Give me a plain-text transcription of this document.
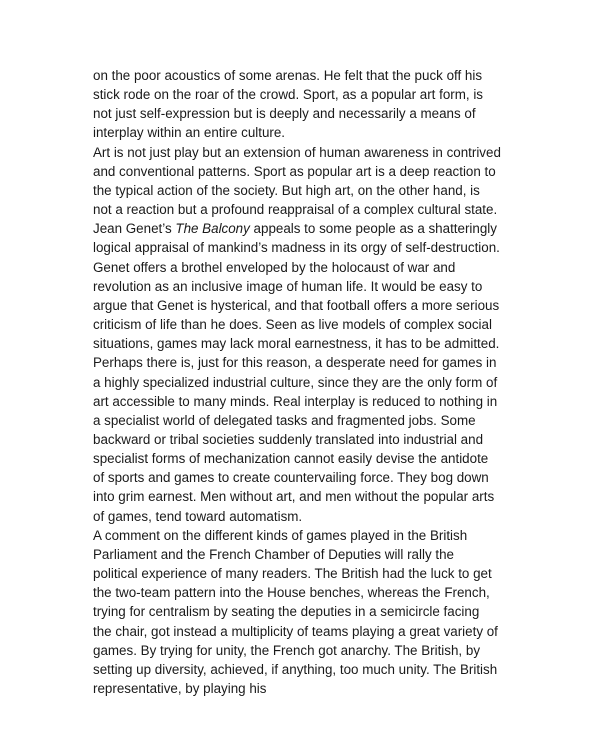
on the poor acoustics of some arenas. He felt that the puck off his
stick rode on the roar of the crowd. Sport, as a popular art form, is
not just self-expression but is deeply and necessarily a means of
interplay within an entire culture.
Art is not just play but an extension of human awareness in contrived
and conventional patterns. Sport as popular art is a deep reaction to
the typical action of the society. But high art, on the other hand, is
not a reaction but a profound reappraisal of a complex cultural state.
Jean Genet’s The Balcony appeals to some people as a shatteringly
logical appraisal of mankind’s madness in its orgy of self-destruction.
Genet offers a brothel enveloped by the holocaust of war and
revolution as an inclusive image of human life. It would be easy to
argue that Genet is hysterical, and that football offers a more serious
criticism of life than he does. Seen as live models of complex social
situations, games may lack moral earnestness, it has to be admitted.
Perhaps there is, just for this reason, a desperate need for games in
a highly specialized industrial culture, since they are the only form of
art accessible to many minds. Real interplay is reduced to nothing in
a specialist world of delegated tasks and fragmented jobs. Some
backward or tribal societies suddenly translated into industrial and
specialist forms of mechanization cannot easily devise the antidote
of sports and games to create countervailing force. They bog down
into grim earnest. Men without art, and men without the popular arts
of games, tend toward automatism.
A comment on the different kinds of games played in the British
Parliament and the French Chamber of Deputies will rally the
political experience of many readers. The British had the luck to get
the two-team pattern into the House benches, whereas the French,
trying for centralism by seating the deputies in a semicircle facing
the chair, got instead a multiplicity of teams playing a great variety of
games. By trying for unity, the French got anarchy. The British, by
setting up diversity, achieved, if anything, too much unity. The British
representative, by playing his
